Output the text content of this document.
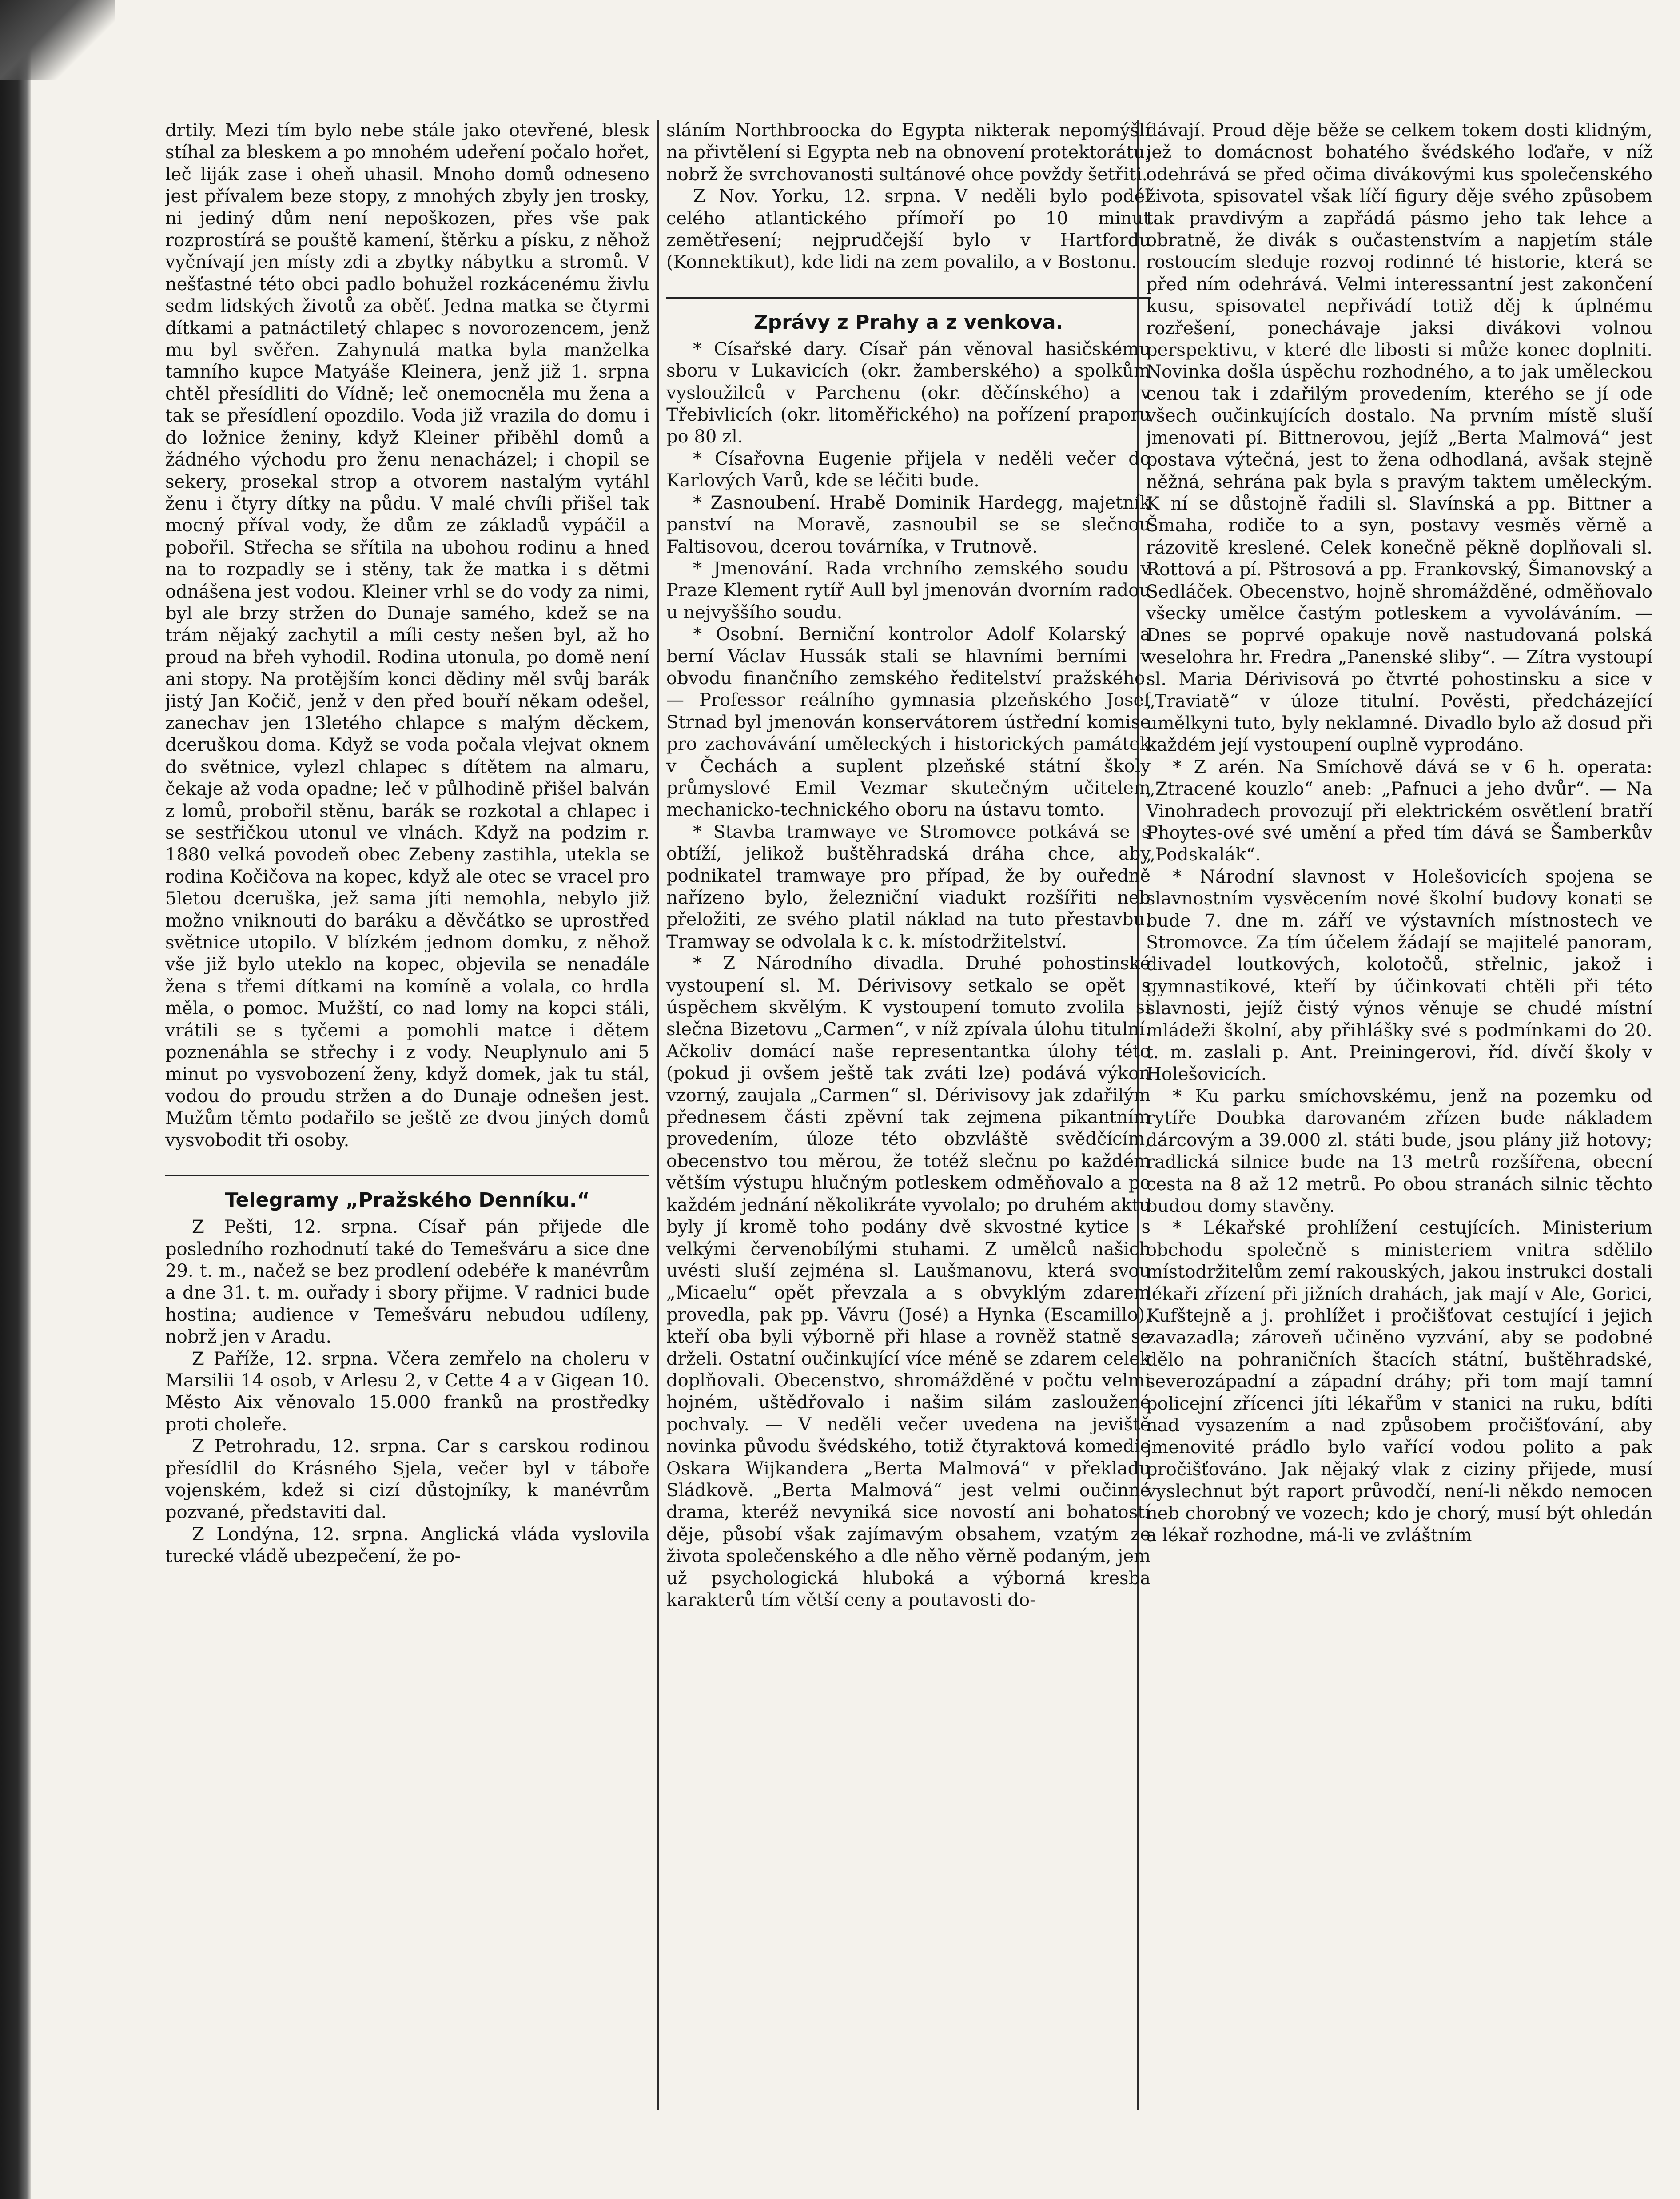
drtily. Mezi tím bylo nebe stále jako otevřené, blesk stíhal za bleskem a po mnohém udeření počalo hořet, leč liják zase i oheň uhasil. Mnoho domů odneseno jest přívalem beze stopy, z mnohých zbyly jen trosky, ni jediný dům není nepoškozen, přes vše pak rozprostírá se pouště kamení, štěrku a písku, z něhož vyčnívají jen místy zdi a zbytky nábytku a stromů. V nešťastné této obci padlo bohužel rozkácenému živlu sedm lidských životů za oběť. Jedna matka se čtyrmi dítkami a patnáctiletý chlapec s novorozencem, jenž mu byl svěřen. Zahynulá matka byla manželka tamního kupce Matyáše Kleinera, jenž již 1. srpna chtěl přesídliti do Vídně; leč onemocněla mu žena a tak se přesídlení opozdilo. Voda již vrazila do domu i do ložnice ženiny, když Kleiner přiběhl domů a žádného východu pro ženu nenacházel; i chopil se sekery, prosekal strop a otvorem nastalým vytáhl ženu i čtyry dítky na půdu. V malé chvíli přišel tak mocný příval vody, že dům ze základů vypáčil a pobořil. Střecha se sřítila na ubohou rodinu a hned na to rozpadly se i stěny, tak že matka i s dětmi odnášena jest vodou. Kleiner vrhl se do vody za nimi, byl ale brzy stržen do Dunaje samého, kdež se na trám nějaký zachytil a míli cesty nešen byl, až ho proud na břeh vyhodil. Rodina utonula, po domě není ani stopy. Na protějším konci dědiny měl svůj barák jistý Jan Kočič, jenž v den před bouří někam odešel, zanechav jen 13letého chlapce s malým děckem, dceruškou doma. Když se voda počala vlejvat oknem do světnice, vylezl chlapec s dítětem na almaru, čekaje až voda opadne; leč v půlhodině přišel balván z lomů, probořil stěnu, barák se rozkotal a chlapec i se sestřičkou utonul ve vlnách. Když na podzim r. 1880 velká povodeň obec Zebeny zastihla, utekla se rodina Kočičova na kopec, když ale otec se vracel pro 5letou dceruška, jež sama jíti nemohla, nebylo již možno vniknouti do baráku a děvčátko se uprostřed světnice utopilo. V blízkém jednom domku, z něhož vše již bylo uteklo na kopec, objevila se nenadále žena s třemi dítkami na komíně a volala, co hrdla měla, o pomoc. Mužští, co nad lomy na kopci stáli, vrátili se s tyčemi a pomohli matce i dětem poznenáhla se střechy i z vody. Neuplynulo ani 5 minut po vysvobození ženy, když domek, jak tu stál, vodou do proudu stržen a do Dunaje odnešen jest. Mužům těmto podařilo se ještě ze dvou jiných domů vysvobodit tři osoby.

Telegramy „Pražského Denníku.“

Z Pešti, 12. srpna. Císař pán přijede dle posledního rozhodnutí také do Temešváru a sice dne 29. t. m., načež se bez prodlení odebéře k manévrům a dne 31. t. m. ouřady i sbory přijme. V radnici bude hostina; audience v Temešváru nebudou udíleny, nobrž jen v Aradu.

Z Paříže, 12. srpna. Včera zemřelo na choleru v Marsilii 14 osob, v Arlesu 2, v Cette 4 a v Gigean 10. Město Aix věnovalo 15.000 franků na prostředky proti choleře.

Z Petrohradu, 12. srpna. Car s carskou rodinou přesídlil do Krásného Sjela, večer byl v táboře vojenském, kdež si cizí důstojníky, k manévrům pozvané, představiti dal.

Z Londýna, 12. srpna. Anglická vláda vyslovila turecké vládě ubezpečení, že po-

sláním Northbroocka do Egypta nikterak nepomýšlí na přivtělení si Egypta neb na obnovení protektorátu, nobrž že svrchovanosti sultánové ohce povždy šetřiti.

Z Nov. Yorku, 12. srpna. V neděli bylo podél celého atlantického přímoří po 10 minut zemětřesení; nejprudčejší bylo v Hartfordu (Konnektikut), kde lidi na zem povalilo, a v Bostonu.

Zprávy z Prahy a z venkova.

* Císařské dary. Císař pán věnoval hasičskému sboru v Lukavicích (okr. žamberského) a spolkům vysloužilců v Parchenu (okr. děčínského) a v Třebivlicích (okr. litoměřického) na pořízení praporu po 80 zl.

* Císařovna Eugenie přijela v neděli večer do Karlových Varů, kde se léčiti bude.

* Zasnoubení. Hrabě Dominik Hardegg, majetník panství na Moravě, zasnoubil se se slečnou Faltisovou, dcerou továrníka, v Trutnově.

* Jmenování. Rada vrchního zemského soudu v Praze Klement rytíř Aull byl jmenován dvorním radou u nejvyššího soudu.

* Osobní. Berniční kontrolor Adolf Kolarský a berní Václav Hussák stali se hlavními berními v obvodu finančního zemského ředitelství pražského. — Professor reálního gymnasia plzeňského Josef Strnad byl jmenován konservátorem ústřední komise pro zachovávání uměleckých i historických památek v Čechách a suplent plzeňské státní školy průmyslové Emil Vezmar skutečným učitelem mechanicko-technického oboru na ústavu tomto.

* Stavba tramwaye ve Stromovce potkává se s obtíží, jelikož buštěhradská dráha chce, aby podnikatel tramwaye pro případ, že by ouředně nařízeno bylo, železniční viadukt rozšířiti neb přeložiti, ze svého platil náklad na tuto přestavbu. Tramway se odvolala k c. k. místodržitelství.

* Z Národního divadla. Druhé pohostinské vystoupení sl. M. Dérivisovy setkalo se opět s úspěchem skvělým. K vystoupení tomuto zvolila si slečna Bizetovu „Carmen“, v níž zpívala úlohu titulní. Ačkoliv domácí naše representantka úlohy této (pokud ji ovšem ještě tak zváti lze) podává výkon vzorný, zaujala „Carmen“ sl. Dérivisovy jak zdařilým přednesem části zpěvní tak zejmena pikantním provedením, úloze této obzvláště svědčícím, obecenstvo tou měrou, že totéž slečnu po každém větším výstupu hlučným potleskem odměňovalo a po každém jednání několikráte vyvolalo; po druhém aktu byly jí kromě toho podány dvě skvostné kytice s velkými červenobílými stuhami. Z umělců našich uvésti sluší zejména sl. Laušmanovu, která svou „Micaelu“ opět převzala a s obvyklým zdarem provedla, pak pp. Vávru (José) a Hynka (Escamillo), kteří oba byli výborně při hlase a rovněž statně se drželi. Ostatní oučinkující více méně se zdarem celek doplňovali. Obecenstvo, shromážděné v počtu velmi hojném, uštědřovalo i našim silám zasloužené pochvaly. — V neděli večer uvedena na jeviště novinka původu švédského, totiž čtyraktová komedie Oskara Wijkandera „Berta Malmová“ v překladu Sládkově. „Berta Malmová“ jest velmi oučinné drama, kteréž nevyniká sice novostí ani bohatostí děje, působí však zajímavým obsahem, vzatým ze života společenského a dle něho věrně podaným, jem už psychologická hluboká a výborná kresba karakterů tím větší ceny a poutavosti do-

dávají. Proud děje běže se celkem tokem dosti klidným, jež to domácnost bohatého švédského loďaře, v níž odehrává se před očima divákovými kus společenského života, spisovatel však líčí figury děje svého způsobem tak pravdivým a zapřádá pásmo jeho tak lehce a obratně, že divák s oučastenstvím a napjetím stále rostoucím sleduje rozvoj rodinné té historie, která se před ním odehrává. Velmi interessantní jest zakončení kusu, spisovatel nepřivádí totiž děj k úplnému rozřešení, ponechávaje jaksi divákovi volnou perspektivu, v které dle libosti si může konec doplniti. Novinka došla úspěchu rozhodného, a to jak uměleckou cenou tak i zdařilým provedením, kterého se jí ode všech oučinkujících dostalo. Na prvním místě sluší jmenovati pí. Bittnerovou, jejíž „Berta Malmová“ jest postava výtečná, jest to žena odhodlaná, avšak stejně něžná, sehrána pak byla s pravým taktem uměleckým. K ní se důstojně řadili sl. Slavínská a pp. Bittner a Šmaha, rodiče to a syn, postavy vesměs věrně a rázovitě kreslené. Celek konečně pěkně doplňovali sl. Rottová a pí. Pštrosová a pp. Frankovský, Šimanovský a Sedláček. Obecenstvo, hojně shromážděné, odměňovalo všecky umělce častým potleskem a vyvoláváním. — Dnes se poprvé opakuje nově nastudovaná polská veselohra hr. Fredra „Panenské sliby“. — Zítra vystoupí sl. Maria Dérivisová po čtvrté pohostinsku a sice v „Traviatě“ v úloze titulní. Pověsti, předcházející umělkyni tuto, byly neklamné. Divadlo bylo až dosud při každém její vystoupení ouplně vyprodáno.

* Z arén. Na Smíchově dává se v 6 h. operata: „Ztracené kouzlo“ aneb: „Pafnuci a jeho dvůr“. — Na Vinohradech provozují při elektrickém osvětlení bratří Phoytes-ové své umění a před tím dává se Šamberkův „Podskalák“.

* Národní slavnost v Holešovicích spojena se slavnostním vysvěcením nové školní budovy konati se bude 7. dne m. září ve výstavních místnostech ve Stromovce. Za tím účelem žádají se majitelé panoram, divadel loutkových, kolotočů, střelnic, jakož i gymnastikové, kteří by účinkovati chtěli při této slavnosti, jejíž čistý výnos věnuje se chudé místní mládeži školní, aby přihlášky své s podmínkami do 20. t. m. zaslali p. Ant. Preiningerovi, říd. dívčí školy v Holešovicích.

* Ku parku smíchovskému, jenž na pozemku od rytíře Doubka darovaném zřízen bude nákladem dárcovým a 39.000 zl. státi bude, jsou plány již hotovy; radlická silnice bude na 13 metrů rozšířena, obecní cesta na 8 až 12 metrů. Po obou stranách silnic těchto budou domy stavěny.

* Lékařské prohlížení cestujících. Ministerium obchodu společně s ministeriem vnitra sdělilo místodržitelům zemí rakouských, jakou instrukci dostali lékaři zřízení při jižních drahách, jak mají v Ale, Gorici, Kufštejně a j. prohlížet i pročišťovat cestující i jejich zavazadla; zároveň učiněno vyzvání, aby se podobné dělo na pohraničních štacích státní, buštěhradské, severozápadní a západní dráhy; při tom mají tamní policejní zřícenci jíti lékařům v stanici na ruku, bdíti nad vysazením a nad způsobem pročišťování, aby jmenovité prádlo bylo vařící vodou polito a pak pročišťováno. Jak nějaký vlak z ciziny přijede, musí vyslechnut být raport průvodčí, není-li někdo nemocen neb chorobný ve vozech; kdo je chorý, musí být ohledán a lékař rozhodne, má-li ve zvláštním
